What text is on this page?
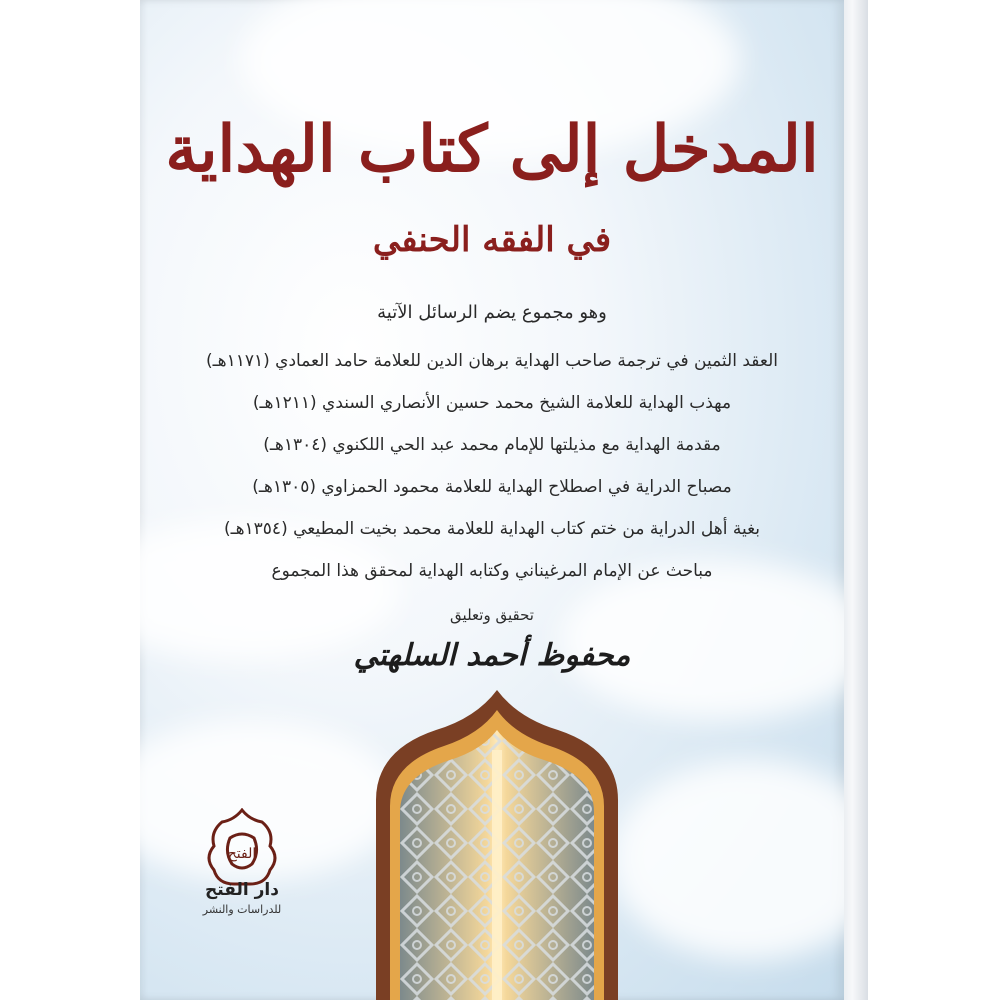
المدخل إلى كتاب الهداية
في الفقه الحنفي
وهو مجموع يضم الرسائل الآتية
العقد الثمين في ترجمة صاحب الهداية برهان الدين للعلامة حامد العمادي (١١٧١هـ)
مهذب الهداية للعلامة الشيخ محمد حسين الأنصاري السندي (١٢١١هـ)
مقدمة الهداية مع مذيلتها للإمام محمد عبد الحي اللكنوي (١٣٠٤هـ)
مصباح الدراية في اصطلاح الهداية للعلامة محمود الحمزاوي (١٣٠٥هـ)
بغية أهل الدراية من ختم كتاب الهداية للعلامة محمد بخيت المطيعي (١٣٥٤هـ)
مباحث عن الإمام المرغيناني وكتابه الهداية لمحقق هذا المجموع
تحقيق وتعليق
محفوظ أحمد السلهتي
الفتح
دار الفتح
للدراسات والنشر
